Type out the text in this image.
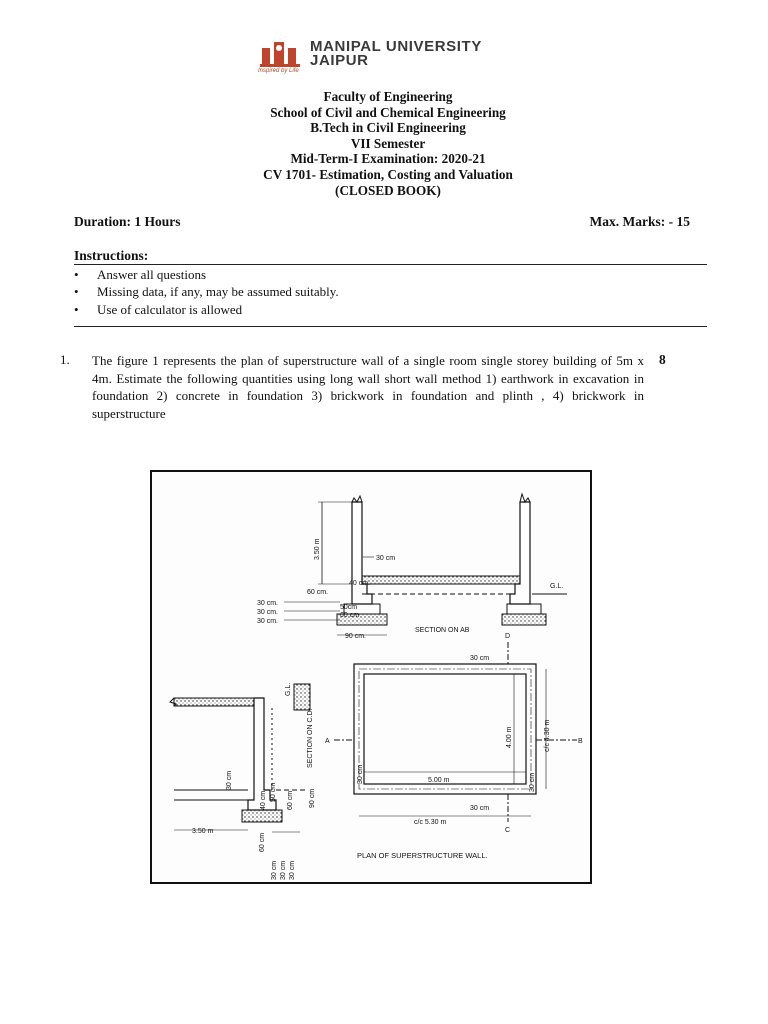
MANIPAL UNIVERSITY
JAIPUR
Inspired by Life
Faculty of Engineering
School of Civil and Chemical Engineering
B.Tech in Civil Engineering
VII Semester
Mid-Term-I Examination: 2020-21
CV 1701- Estimation, Costing and Valuation
(CLOSED BOOK)
Duration: 1 Hours	Max. Marks: - 15
Instructions:
• Answer all questions
• Missing data, if any, may be assumed suitably.
• Use of calculator is allowed
1. The figure 1 represents the plan of superstructure wall of a single room single storey building of 5m x 4m. Estimate the following quantities using long wall short wall method 1) earthwork in excavation in foundation 2) concrete in foundation 3) brickwork in foundation and plinth , 4) brickwork in superstructure
8
G.L.
3.50 m	30 cm
40 cm.
60 cm.
50cm
60 cm
30 cm.
30 cm.
30 cm.
90 cm.
SECTION ON AB
G.L.
SECTION ON C.D.
30 cm
40 cm 50 cm 60 cm 90 cm
3.50 m
60 cm
30 cm 30 cm 30 cm
D
C
A	B
30 cm
30 cm
30 cm	30 cm
5.00 m
4.00 m
c/c 5.30 m
c/c 4.30 m
PLAN OF SUPERSTRUCTURE WALL.
